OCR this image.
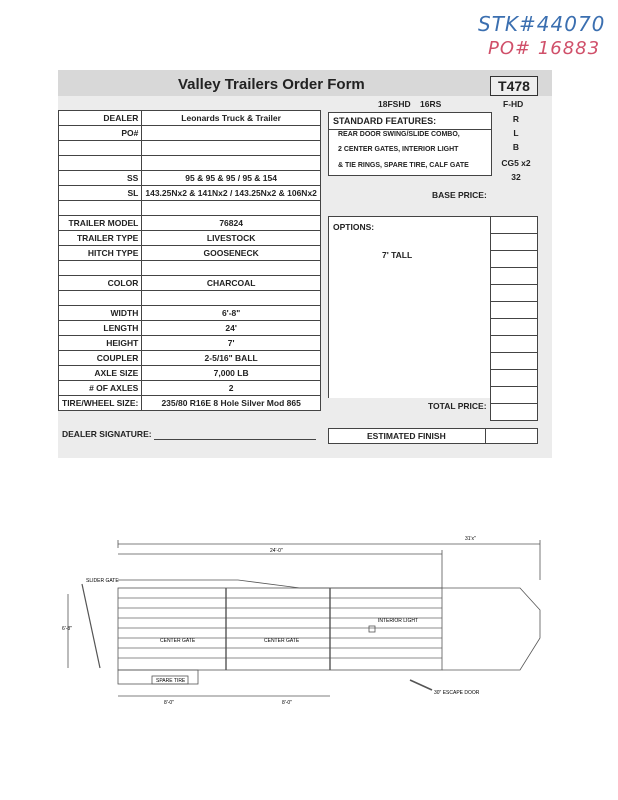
STK#44070
PO# 16883
Valley Trailers Order Form	T478
18FSHD 16RS	F-HD
DEALER	Leonards Truck & Trailer
PO#	

SS	95 & 95 & 95 / 95 & 154
SL	143.25Nx2 & 141Nx2 / 143.25Nx2 & 106Nx2

TRAILER MODEL	76824
TRAILER TYPE	LIVESTOCK
HITCH TYPE	GOOSENECK

COLOR	CHARCOAL

WIDTH	6'-8"
LENGTH	24'
HEIGHT	7'
COUPLER	2-5/16" BALL
AXLE SIZE	7,000 LB
# OF AXLES	2
TIRE/WHEEL SIZE:	235/80 R16E 8 Hole Silver Mod 865
STANDARD FEATURES:
REAR DOOR SWING/SLIDE COMBO,
2 CENTER GATES, INTERIOR LIGHT
& TIE RINGS, SPARE TIRE, CALF GATE
R
L
B
CG5 x2
32
BASE PRICE:
OPTIONS:
7' TALL

TOTAL PRICE:
DEALER SIGNATURE:	ESTIMATED FINISH
31'x"
24'-0"
SLIDER GATE
6'-8"
INTERIOR LIGHT
CENTER GATE	CENTER GATE
SPARE TIRE
30" ESCAPE DOOR
8'-0"	8'-0"
